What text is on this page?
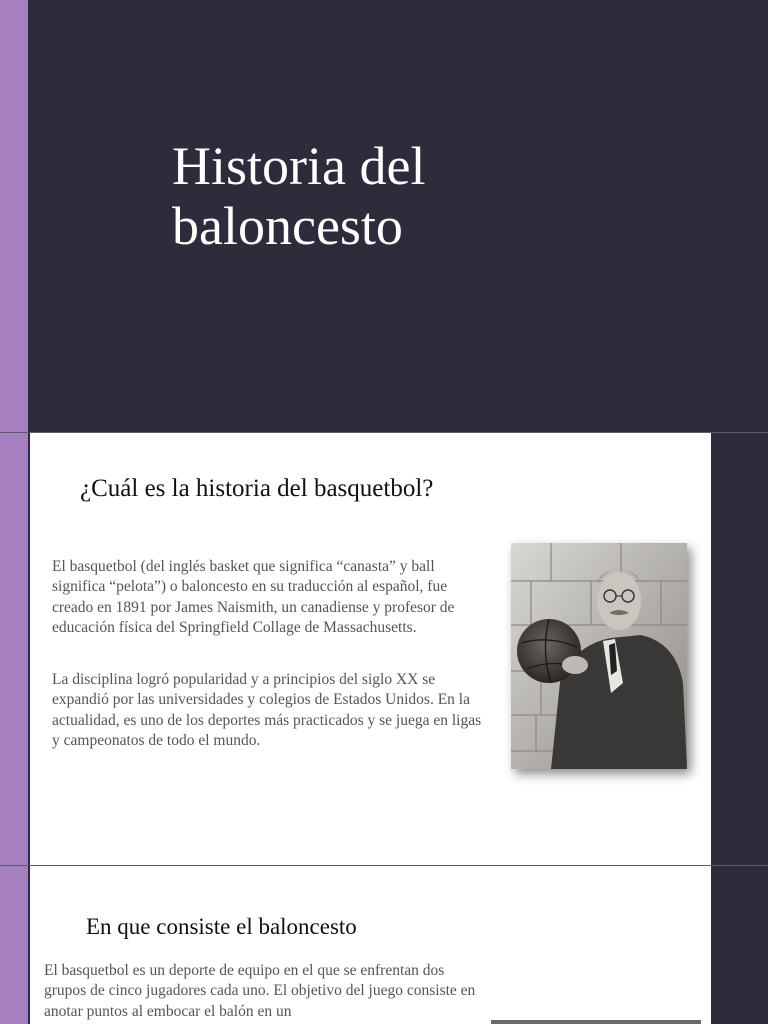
Historia del
baloncesto
¿Cuál es la historia del basquetbol?

El basquetbol (del inglés basket que significa “canasta” y ball significa “pelota”) o baloncesto en su traducción al español, fue creado en 1891 por James Naismith, un canadiense y profesor de educación física del Springfield Collage de Massachusetts.

La disciplina logró popularidad y a principios del siglo XX se expandió por las universidades y colegios de Estados Unidos. En la actualidad, es uno de los deportes más practicados y se juega en ligas y campeonatos de todo el mundo.

En que consiste el baloncesto

El basquetbol es un deporte de equipo en el que se enfrentan dos grupos de cinco jugadores cada uno. El objetivo del juego consiste en anotar puntos al embocar el balón en un
